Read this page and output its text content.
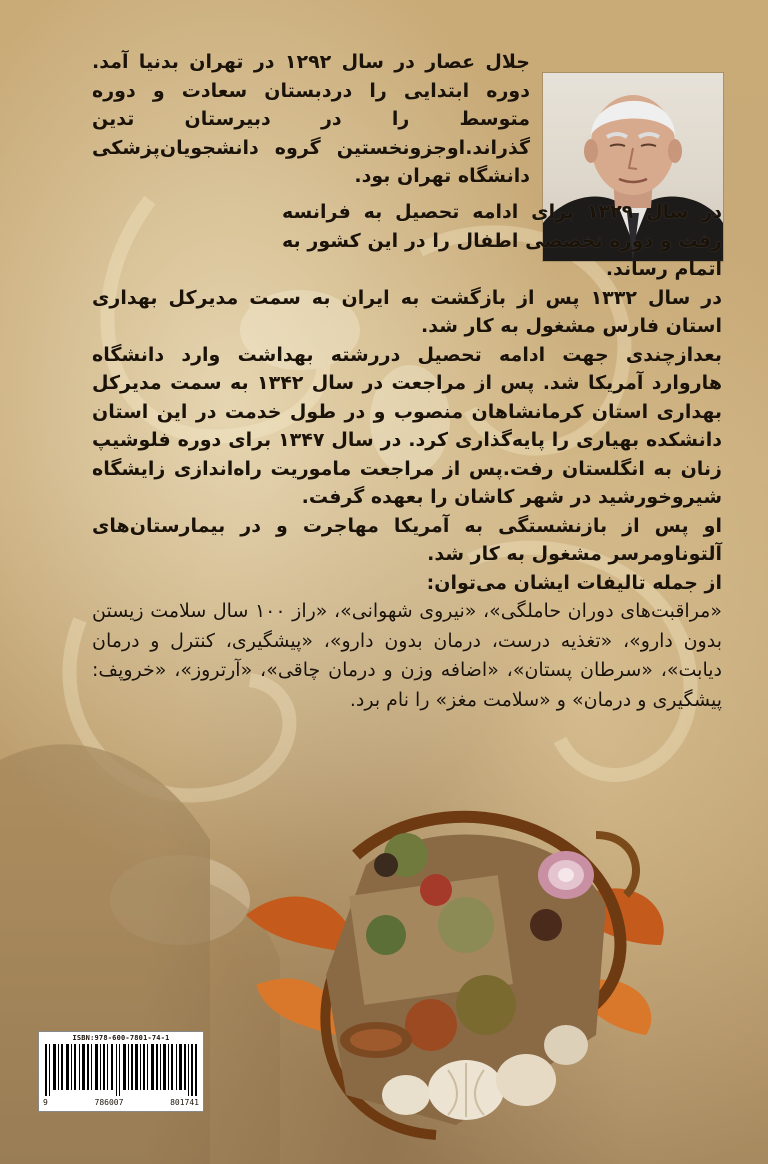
جلال عصار در سال ۱۲۹۲ در تهران بدنیا آمد. دوره ابتدایی را دردبستان سعادت و دوره متوسط را در دبیرستان تدین گذراند.اوجزونخستین گروه دانشجویان‌پزشکی دانشگاه تهران بود.

در سال ۱۳۲۹ برای ادامه تحصیل به فرانسه رفت و دوره تخصصی اطفال را در این کشور به اتمام رساند.

در سال ۱۳۳۲ پس از بازگشت به ایران به سمت مدیرکل بهداری استان فارس مشغول به کار شد.

بعدازچندی جهت ادامه تحصیل دررشته بهداشت وارد دانشگاه هاروارد آمریکا شد. پس از مراجعت در سال ۱۳۴۲ به سمت مدیرکل بهداری استان کرمانشاهان منصوب و در طول خدمت در این استان دانشکده بهیاری را پایه‌گذاری کرد. در سال ۱۳۴۷ برای دوره فلوشیپ زنان به انگلستان رفت.پس از مراجعت ماموریت راه‌اندازی زایشگاه شیروخورشید در شهر کاشان را بعهده گرفت.

او پس از بازنشستگی به آمریکا مهاجرت و در بیمارستان‌های آلتوناومرسر مشغول به کار شد.

از جمله تالیفات ایشان می‌توان:

«مراقبت‌های دوران حاملگی»، «نیروی شهوانی»، «راز ۱۰۰ سال سلامت زیستن بدون دارو»، «تغذیه درست، درمان بدون دارو»، «پیشگیری، کنترل و درمان دیابت»، «سرطان پستان»، «اضافه وزن و درمان چاقی»، «آرتروز»، «خروپف: پیشگیری و درمان» و «سلامت مغز» را نام برد.

ISBN:978-600-7801-74-1
9	786007	801741
